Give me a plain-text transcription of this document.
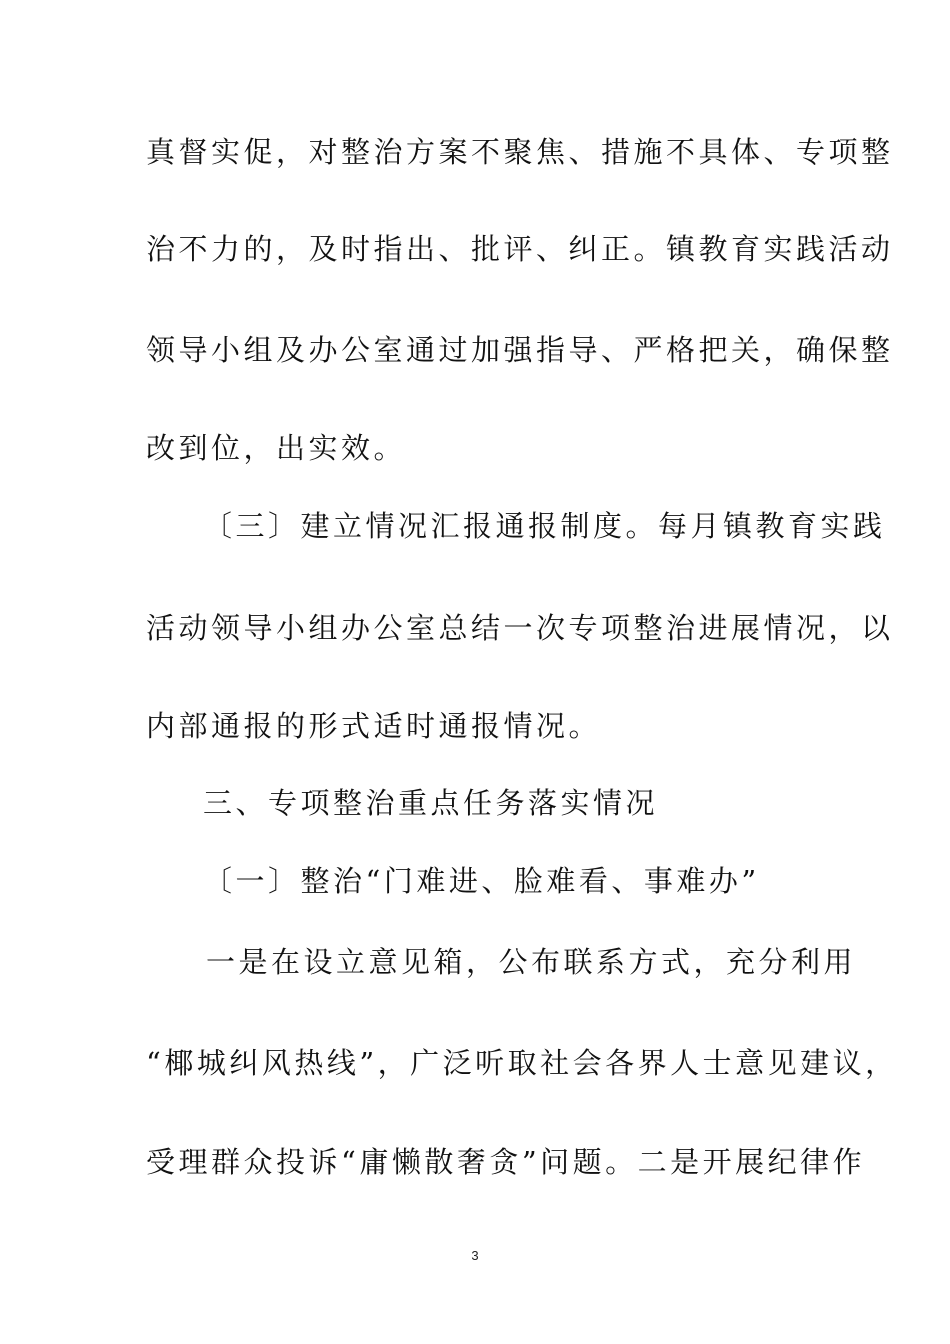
真督实促，对整治方案不聚焦、措施不具体、专项整
治不力的，及时指出、批评、纠正。镇教育实践活动
领导小组及办公室通过加强指导、严格把关，确保整
改到位，出实效。
〔三〕建立情况汇报通报制度。每月镇教育实践
活动领导小组办公室总结一次专项整治进展情况，以
内部通报的形式适时通报情况。
三、专项整治重点任务落实情况
〔一〕整治“门难进、脸难看、事难办”
一是在设立意见箱，公布联系方式，充分利用
“椰城纠风热线”，广泛听取社会各界人士意见建议，
受理群众投诉“庸懒散奢贪”问题。二是开展纪律作
3
